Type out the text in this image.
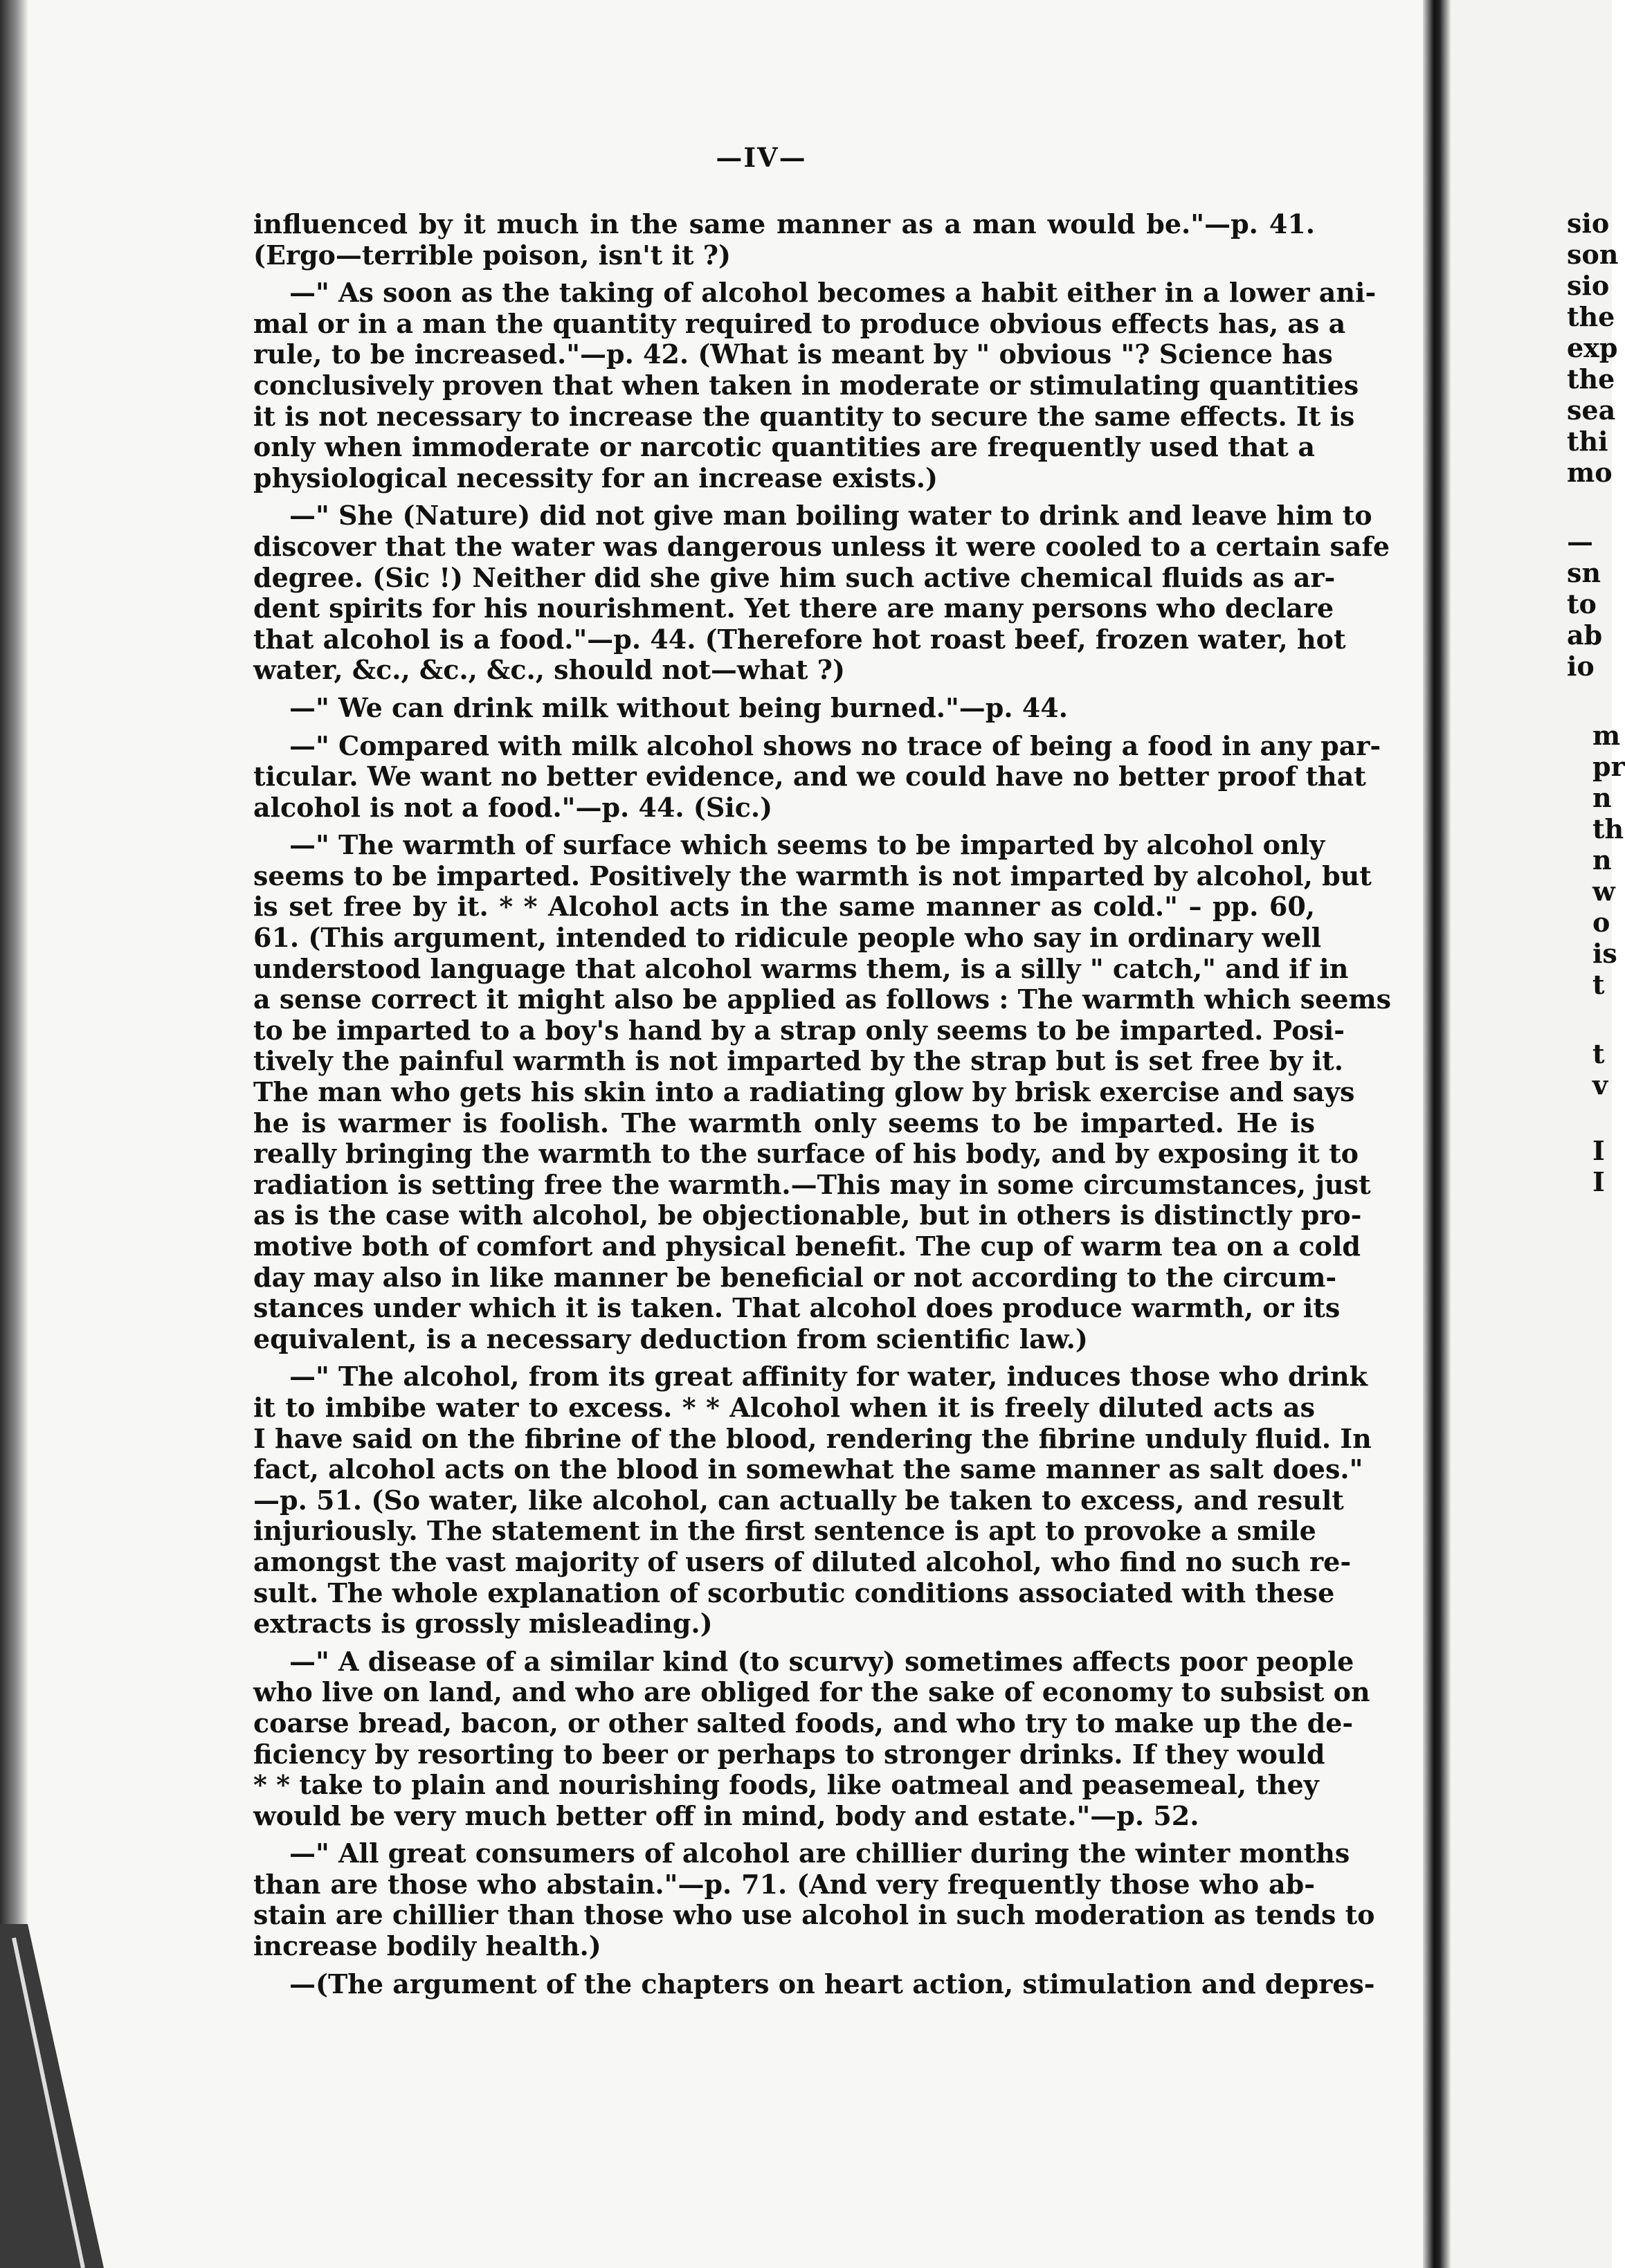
—IV—
influenced by it much in the same manner as a man would be."—p. 41.
(Ergo—terrible poison, isn't it ?)
—" As soon as the taking of alcohol becomes a habit either in a lower ani-
mal or in a man the quantity required to produce obvious effects has, as a
rule, to be increased."—p. 42. (What is meant by " obvious "? Science has
conclusively proven that when taken in moderate or stimulating quantities
it is not necessary to increase the quantity to secure the same effects. It is
only when immoderate or narcotic quantities are frequently used that a
physiological necessity for an increase exists.)
—" She (Nature) did not give man boiling water to drink and leave him to
discover that the water was dangerous unless it were cooled to a certain safe
degree. (Sic !) Neither did she give him such active chemical fluids as ar-
dent spirits for his nourishment. Yet there are many persons who declare
that alcohol is a food."—p. 44. (Therefore hot roast beef, frozen water, hot
water, &c., &c., &c., should not—what ?)
—" We can drink milk without being burned."—p. 44.
—" Compared with milk alcohol shows no trace of being a food in any par-
ticular. We want no better evidence, and we could have no better proof that
alcohol is not a food."—p. 44. (Sic.)
—" The warmth of surface which seems to be imparted by alcohol only
seems to be imparted. Positively the warmth is not imparted by alcohol, but
is set free by it. * * Alcohol acts in the same manner as cold." – pp. 60,
61. (This argument, intended to ridicule people who say in ordinary well
understood language that alcohol warms them, is a silly " catch," and if in
a sense correct it might also be applied as follows : The warmth which seems
to be imparted to a boy's hand by a strap only seems to be imparted. Posi-
tively the painful warmth is not imparted by the strap but is set free by it.
The man who gets his skin into a radiating glow by brisk exercise and says
he is warmer is foolish. The warmth only seems to be imparted. He is
really bringing the warmth to the surface of his body, and by exposing it to
radiation is setting free the warmth.—This may in some circumstances, just
as is the case with alcohol, be objectionable, but in others is distinctly pro-
motive both of comfort and physical benefit. The cup of warm tea on a cold
day may also in like manner be beneficial or not according to the circum-
stances under which it is taken. That alcohol does produce warmth, or its
equivalent, is a necessary deduction from scientific law.)
—" The alcohol, from its great affinity for water, induces those who drink
it to imbibe water to excess. * * Alcohol when it is freely diluted acts as
I have said on the fibrine of the blood, rendering the fibrine unduly fluid. In
fact, alcohol acts on the blood in somewhat the same manner as salt does."
—p. 51. (So water, like alcohol, can actually be taken to excess, and result
injuriously. The statement in the first sentence is apt to provoke a smile
amongst the vast majority of users of diluted alcohol, who find no such re-
sult. The whole explanation of scorbutic conditions associated with these
extracts is grossly misleading.)
—" A disease of a similar kind (to scurvy) sometimes affects poor people
who live on land, and who are obliged for the sake of economy to subsist on
coarse bread, bacon, or other salted foods, and who try to make up the de-
ficiency by resorting to beer or perhaps to stronger drinks. If they would
* * take to plain and nourishing foods, like oatmeal and peasemeal, they
would be very much better off in mind, body and estate."—p. 52.
—" All great consumers of alcohol are chillier during the winter months
than are those who abstain."—p. 71. (And very frequently those who ab-
stain are chillier than those who use alcohol in such moderation as tends to
increase bodily health.)
—(The argument of the chapters on heart action, stimulation and depres-
sio
son
sio
the
exp
the
sea
thi
mo
—
sn
to
ab
io
m
pr
n
th
n
w
o
is
t
t
v
I
I
